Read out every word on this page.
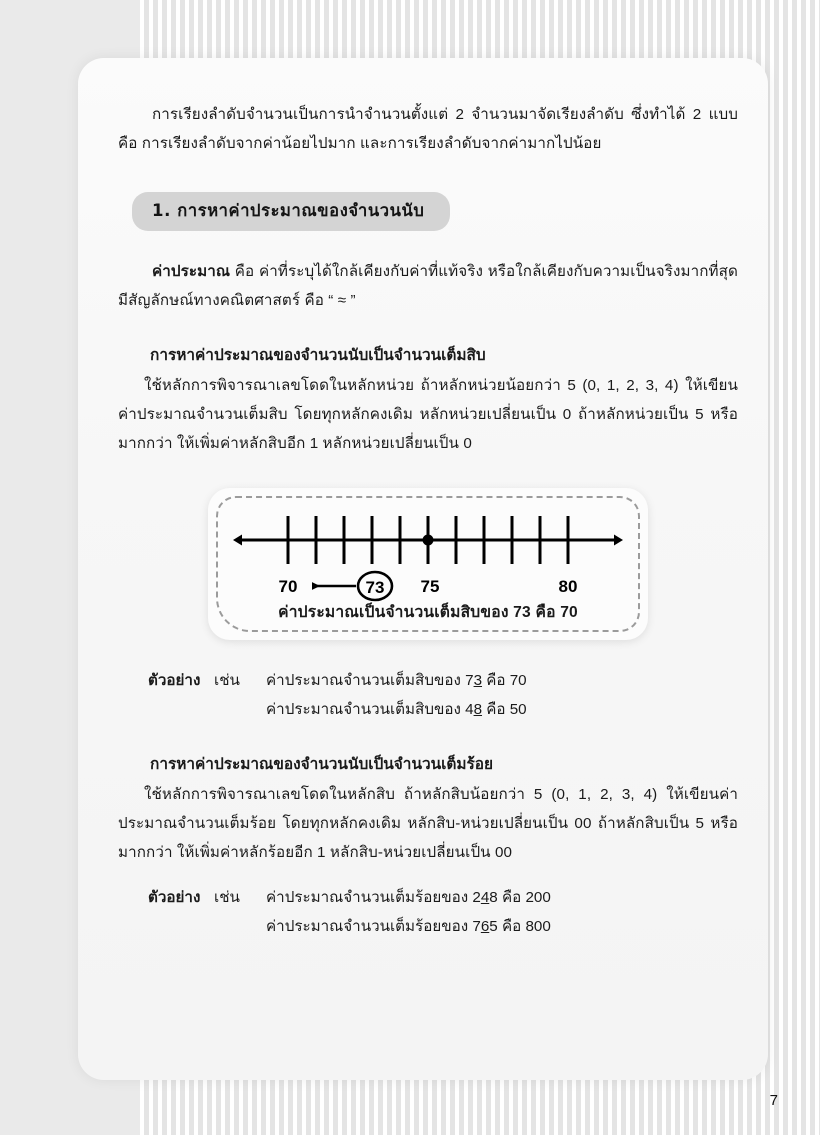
การเรียงลำดับจำนวนเป็นการนำจำนวนตั้งแต่ 2 จำนวนมาจัดเรียงลำดับ ซึ่งทำได้ 2 แบบ คือ การเรียงลำดับจากค่าน้อยไปมาก และการเรียงลำดับจากค่ามากไปน้อย

1. การหาค่าประมาณของจำนวนนับ

ค่าประมาณ คือ ค่าที่ระบุได้ใกล้เคียงกับค่าที่แท้จริง หรือใกล้เคียงกับความเป็นจริงมากที่สุด มีสัญลักษณ์ทางคณิตศาสตร์ คือ “ ≈ ”

การหาค่าประมาณของจำนวนนับเป็นจำนวนเต็มสิบ

ใช้หลักการพิจารณาเลขโดดในหลักหน่วย ถ้าหลักหน่วยน้อยกว่า 5 (0, 1, 2, 3, 4) ให้เขียนค่าประมาณจำนวนเต็มสิบ โดยทุกหลักคงเดิม หลักหน่วยเปลี่ยนเป็น 0 ถ้าหลักหน่วยเป็น 5 หรือมากกว่า ให้เพิ่มค่าหลักสิบอีก 1 หลักหน่วยเปลี่ยนเป็น 0

70	75	80
73
ค่าประมาณเป็นจำนวนเต็มสิบของ 73 คือ 70
ตัวอย่าง เช่น	ค่าประมาณจำนวนเต็มสิบของ 73 คือ 70
ค่าประมาณจำนวนเต็มสิบของ 48 คือ 50

การหาค่าประมาณของจำนวนนับเป็นจำนวนเต็มร้อย

ใช้หลักการพิจารณาเลขโดดในหลักสิบ ถ้าหลักสิบน้อยกว่า 5 (0, 1, 2, 3, 4) ให้เขียนค่าประมาณจำนวนเต็มร้อย โดยทุกหลักคงเดิม หลักสิบ-หน่วยเปลี่ยนเป็น 00 ถ้าหลักสิบเป็น 5 หรือมากกว่า ให้เพิ่มค่าหลักร้อยอีก 1 หลักสิบ-หน่วยเปลี่ยนเป็น 00

ตัวอย่าง เช่น	ค่าประมาณจำนวนเต็มร้อยของ 248 คือ 200
ค่าประมาณจำนวนเต็มร้อยของ 765 คือ 800
7
